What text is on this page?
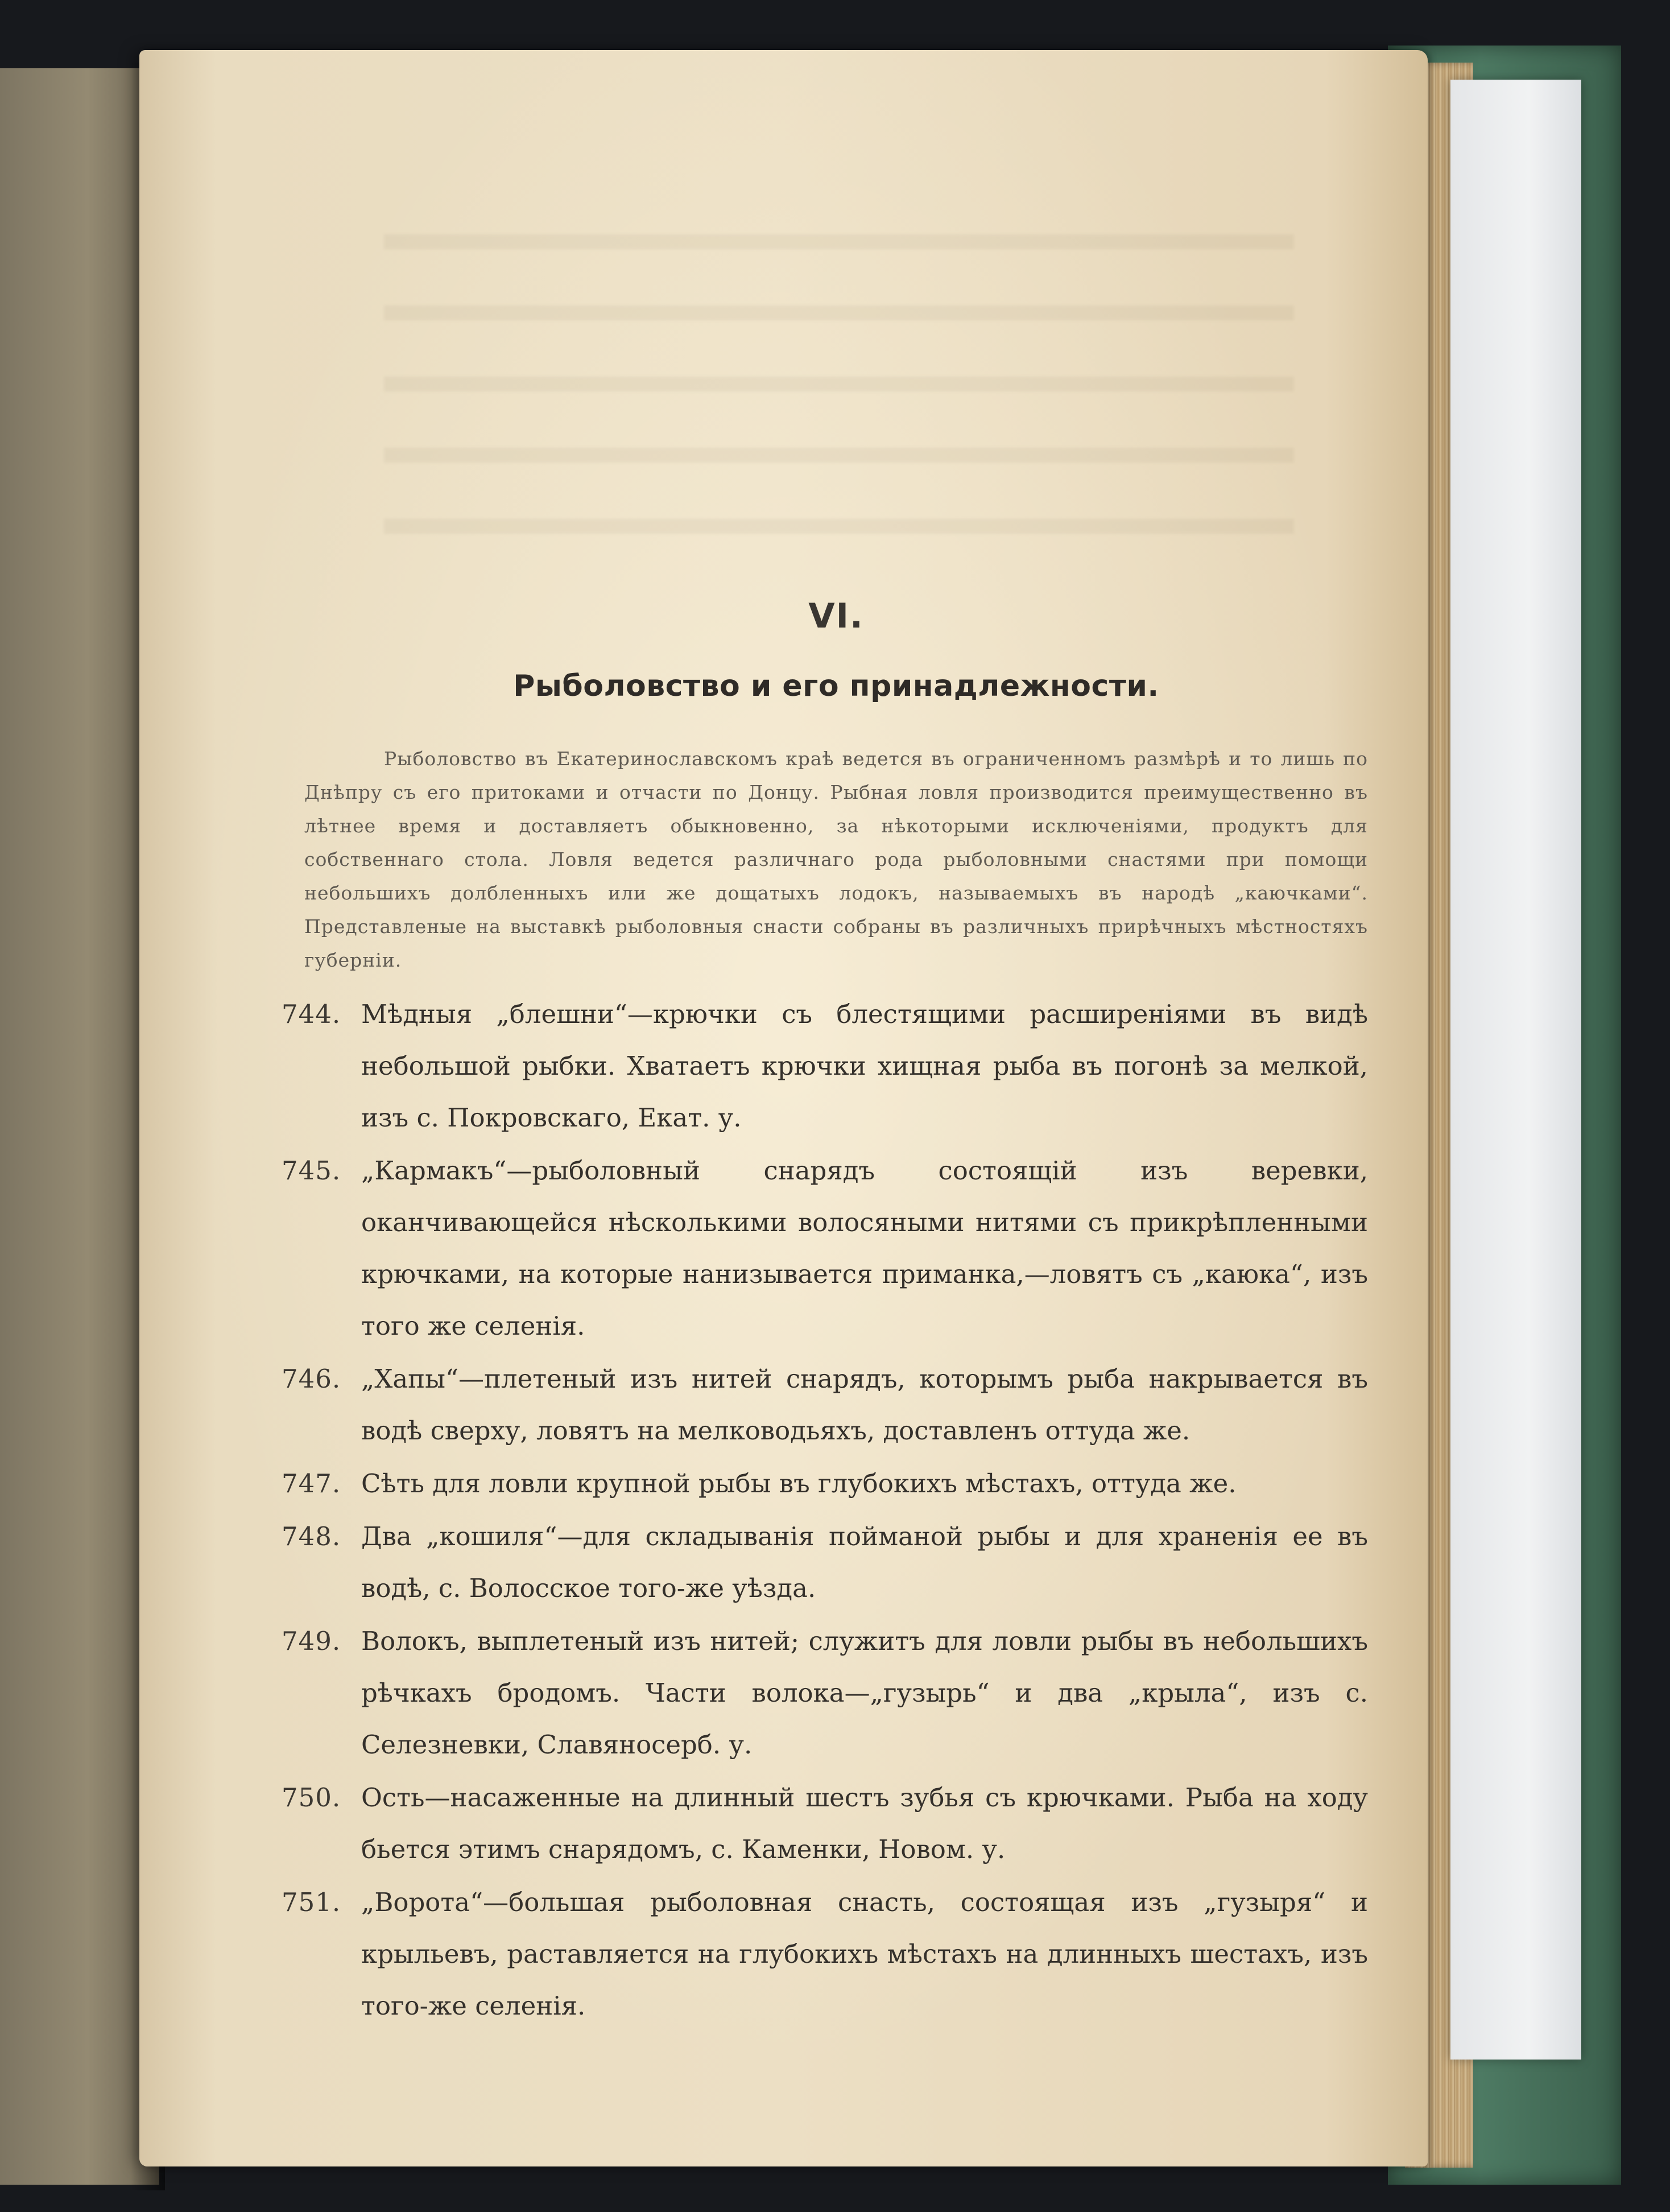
VI.
Рыболовство и его принадлежности.

Рыболовство въ Екатеринославскомъ краѣ ведется въ ограниченномъ размѣрѣ и то лишь по Днѣпру съ его притоками и отчасти по Донцу. Рыбная ловля производится преимущественно въ лѣтнее время и доставляетъ обыкновенно, за нѣкоторыми исключеніями, продуктъ для собственнаго стола. Ловля ведется различнаго рода рыболовными снастями при помощи небольшихъ долбленныхъ или же дощатыхъ лодокъ, называемыхъ въ народѣ „каючками“. Представленые на выставкѣ рыболовныя снасти собраны въ различныхъ прирѣчныхъ мѣстностяхъ губерніи.

744. Мѣдныя „блешни“—крючки съ блестящими расширеніями въ видѣ небольшой рыбки. Хватаетъ крючки хищная рыба въ погонѣ за мелкой, изъ с. Покровскаго, Екат. у.
745. „Кармакъ“—рыболовный снарядъ состоящій изъ веревки, оканчивающейся нѣсколькими волосяными нитями съ прикрѣпленными крючками, на которые нанизывается приманка,—ловятъ съ „каюка“, изъ того же селенія.
746. „Хапы“—плетеный изъ нитей снарядъ, которымъ рыба накрывается въ водѣ сверху, ловятъ на мелководьяхъ, доставленъ оттуда же.
747. Сѣть для ловли крупной рыбы въ глубокихъ мѣстахъ, оттуда же.
748. Два „кошиля“—для складыванія пойманой рыбы и для храненія ее въ водѣ, с. Волосское того-же уѣзда.
749. Волокъ, выплетеный изъ нитей; служитъ для ловли рыбы въ небольшихъ рѣчкахъ бродомъ. Части волока—„гузырь“ и два „крыла“, изъ с. Селезневки, Славяносерб. у.
750. Ость—насаженные на длинный шестъ зубья съ крючками. Рыба на ходу бьется этимъ снарядомъ, с. Каменки, Новом. у.
751. „Ворота“—большая рыболовная снасть, состоящая изъ „гузыря“ и крыльевъ, раставляется на глубокихъ мѣстахъ на длинныхъ шестахъ, изъ того-же селенія.
